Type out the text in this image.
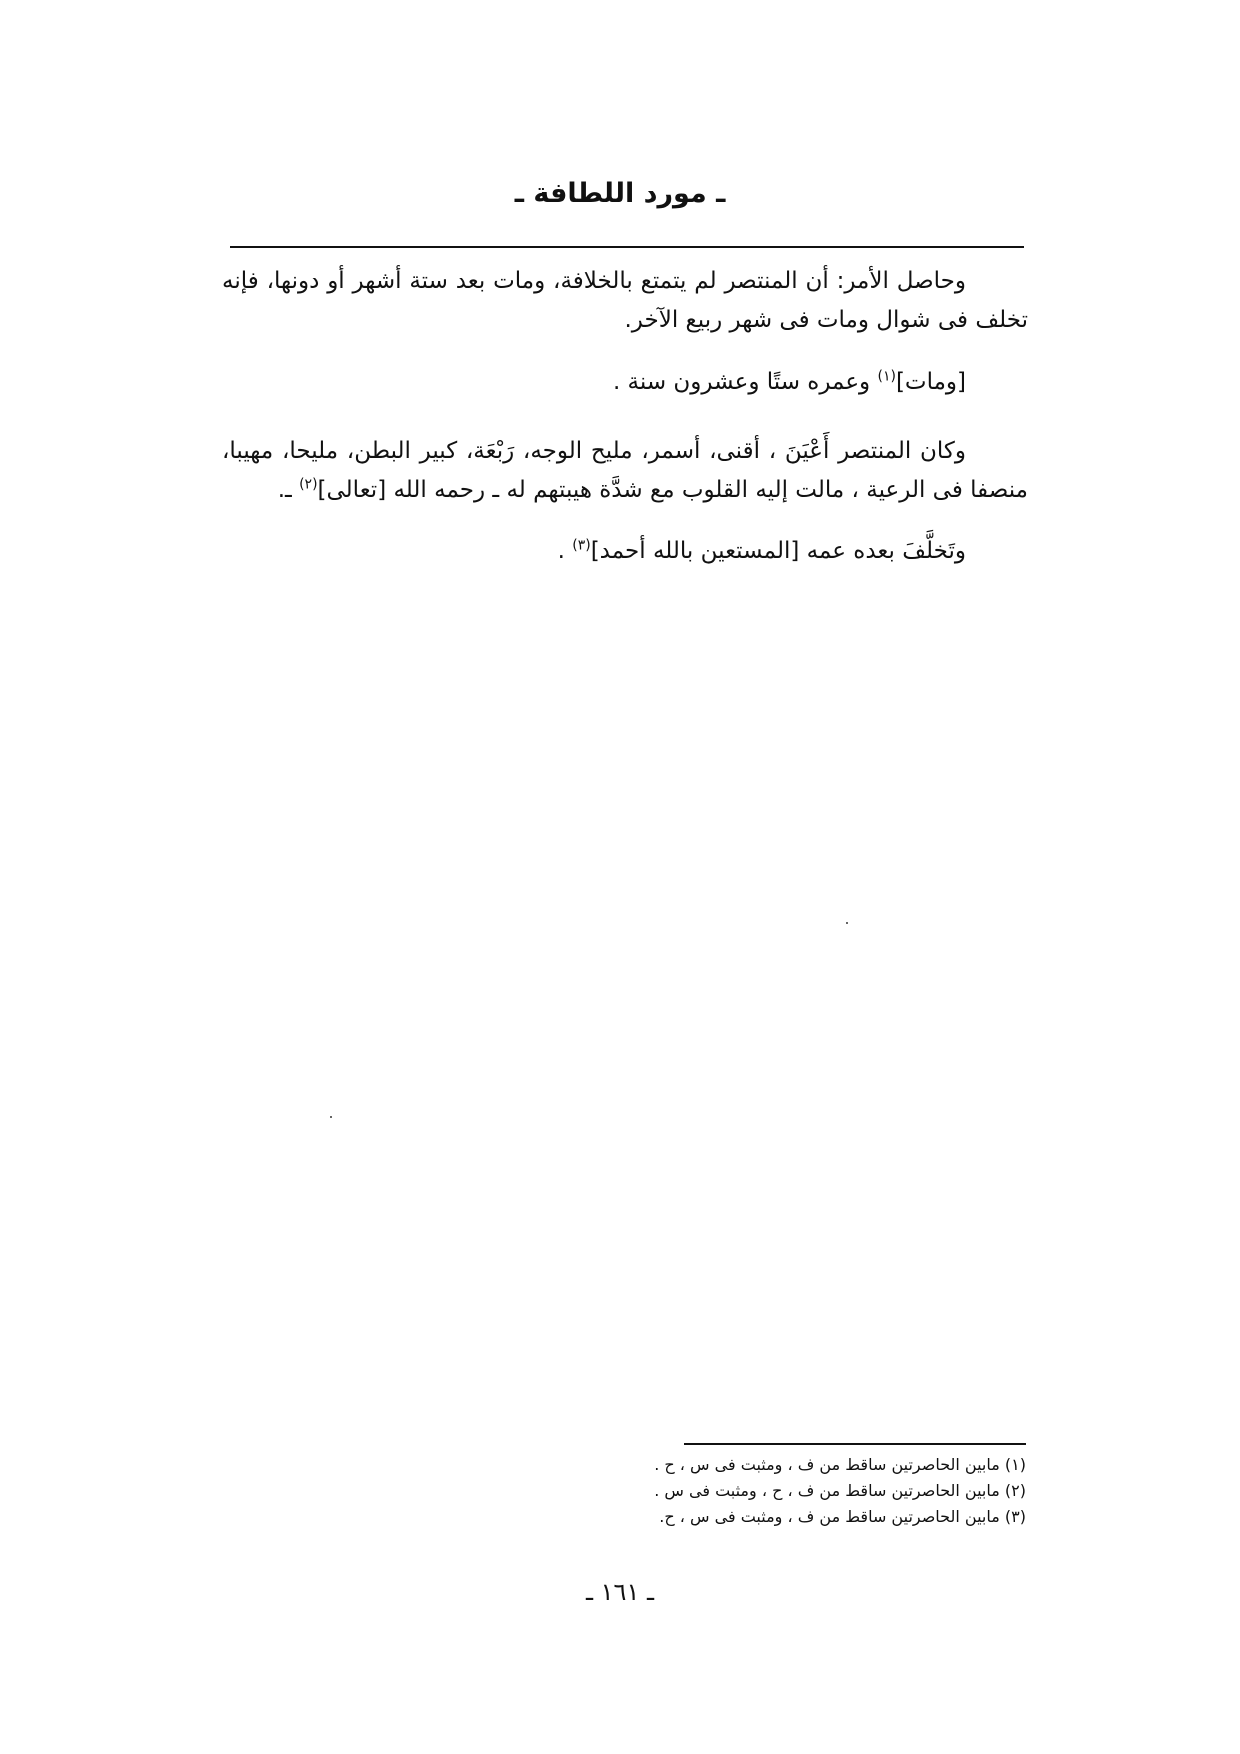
ـ مورد اللطافة ـ

وحاصل الأمر: أن المنتصر لم يتمتع بالخلافة، ومات بعد ستة أشهر أو دونها، فإنه تخلف فى شوال ومات فى شهر ربيع الآخر.

[ومات]$^{(١)}$ وعمره ستًا وعشرون سنة .

وكان المنتصر أَعْيَنَ ، أقنى، أسمر، مليح الوجه، رَبْعَة، كبير البطن، مليحا، مهيبا، منصفا فى الرعية ، مالت إليه القلوب مع شدَّة هيبتهم له ـ رحمه الله [تعالى]$^{(٢)}$ ـ.

وتَخلَّفَ بعده عمه [المستعين بالله أحمد]$^{(٣)}$ .

(١) مابين الحاصرتين ساقط من ف ، ومثبت فى س ، ح .
(٢) مابين الحاصرتين ساقط من ف ، ح ، ومثبت فى س .
(٣) مابين الحاصرتين ساقط من ف ، ومثبت فى س ، ح.
ـ ١٦١ ـ
